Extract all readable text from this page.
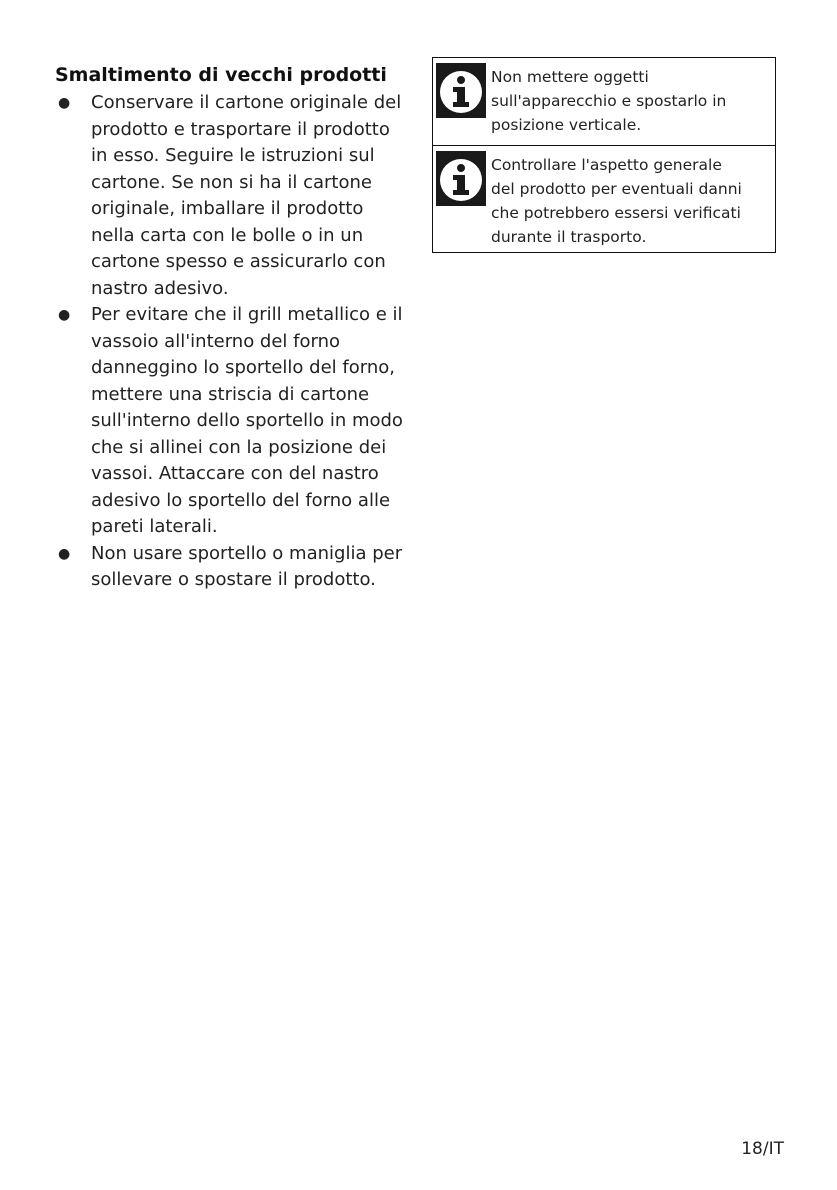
Smaltimento di vecchi prodotti
● Conservare il cartone originale del prodotto e trasportare il prodotto in esso. Seguire le istruzioni sul cartone. Se non si ha il cartone originale, imballare il prodotto nella carta con le bolle o in un cartone spesso e assicurarlo con nastro adesivo.
● Per evitare che il grill metallico e il vassoio all'interno del forno danneggino lo sportello del forno, mettere una striscia di cartone sull'interno dello sportello in modo che si allinei con la posizione dei vassoi. Attaccare con del nastro adesivo lo sportello del forno alle pareti laterali.
● Non usare sportello o maniglia per sollevare o spostare il prodotto.
Non mettere oggetti
sull'apparecchio e spostarlo in
posizione verticale.
Controllare l'aspetto generale
del prodotto per eventuali danni
che potrebbero essersi verificati
durante il trasporto.
18/IT
